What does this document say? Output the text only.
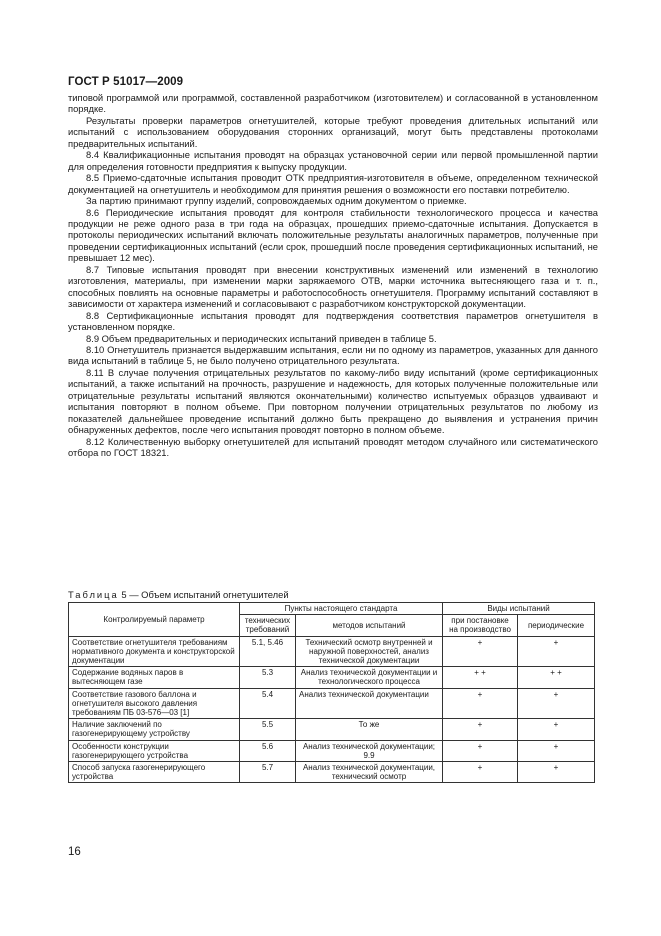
ГОСТ Р 51017—2009

типовой программой или программой, составленной разработчиком (изготовителем) и согласованной в установленном порядке.

Результаты проверки параметров огнетушителей, которые требуют проведения длительных испытаний или испытаний с использованием оборудования сторонних организаций, могут быть представлены протоколами предварительных испытаний.

8.4 Квалификационные испытания проводят на образцах установочной серии или первой промышленной партии для определения готовности предприятия к выпуску продукции.

8.5 Приемо-сдаточные испытания проводит ОТК предприятия-изготовителя в объеме, определенном технической документацией на огнетушитель и необходимом для принятия решения о возможности его поставки потребителю.

За партию принимают группу изделий, сопровождаемых одним документом о приемке.

8.6 Периодические испытания проводят для контроля стабильности технологического процесса и качества продукции не реже одного раза в три года на образцах, прошедших приемо-сдаточные испытания. Допускается в протоколы периодических испытаний включать положительные результаты аналогичных параметров, полученные при проведении сертификационных испытаний (если срок, прошедший после проведения сертификационных испытаний, не превышает 12 мес).

8.7 Типовые испытания проводят при внесении конструктивных изменений или изменений в технологию изготовления, материалы, при изменении марки заряжаемого ОТВ, марки источника вытесняющего газа и т. п., способных повлиять на основные параметры и работоспособность огнетушителя. Программу испытаний составляют в зависимости от характера изменений и согласовывают с разработчиком конструкторской документации.

8.8 Сертификационные испытания проводят для подтверждения соответствия параметров огнетушителя в установленном порядке.

8.9 Объем предварительных и периодических испытаний приведен в таблице 5.

8.10 Огнетушитель признается выдержавшим испытания, если ни по одному из параметров, указанных для данного вида испытаний в таблице 5, не было получено отрицательного результата.

8.11 В случае получения отрицательных результатов по какому-либо виду испытаний (кроме сертификационных испытаний, а также испытаний на прочность, разрушение и надежность, для которых полученные положительные или отрицательные результаты испытаний являются окончательными) количество испытуемых образцов удваивают и испытания повторяют в полном объеме. При повторном получении отрицательных результатов по любому из показателей дальнейшее проведение испытаний должно быть прекращено до выявления и устранения причин обнаруженных дефектов, после чего испытания проводят повторно в полном объеме.

8.12 Количественную выборку огнетушителей для испытаний проводят методом случайного или систематического отбора по ГОСТ 18321.

Таблица 5 — Объем испытаний огнетушителей
Контролируемый параметр	Пункты настоящего стандарта		Виды испытаний	
	технических требований	методов испытаний	при постановке на производство	периодические
Соответствие огнетушителя требованиям нормативного документа и конструкторской документации	5.1, 5.46	Технический осмотр внутренней и наружной поверхностей, анализ технической документации	+	+
Содержание водяных паров в вытесняющем газе	5.3	Анализ технической документации и технологического процесса	+ +	+ +
Соответствие газового баллона и огнетушителя высокого давления требованиям ПБ 03-576—03 [1]	5.4	Анализ технической документации	+	+
Наличие заключений по газогенерирующему устройству	5.5	То же	+	+
Особенности конструкции газогенерирующего устройства	5.6	Анализ технической документации; 9.9	+	+
Способ запуска газогенерирующего устройства	5.7	Анализ технической документации, технический осмотр	+	+
16
